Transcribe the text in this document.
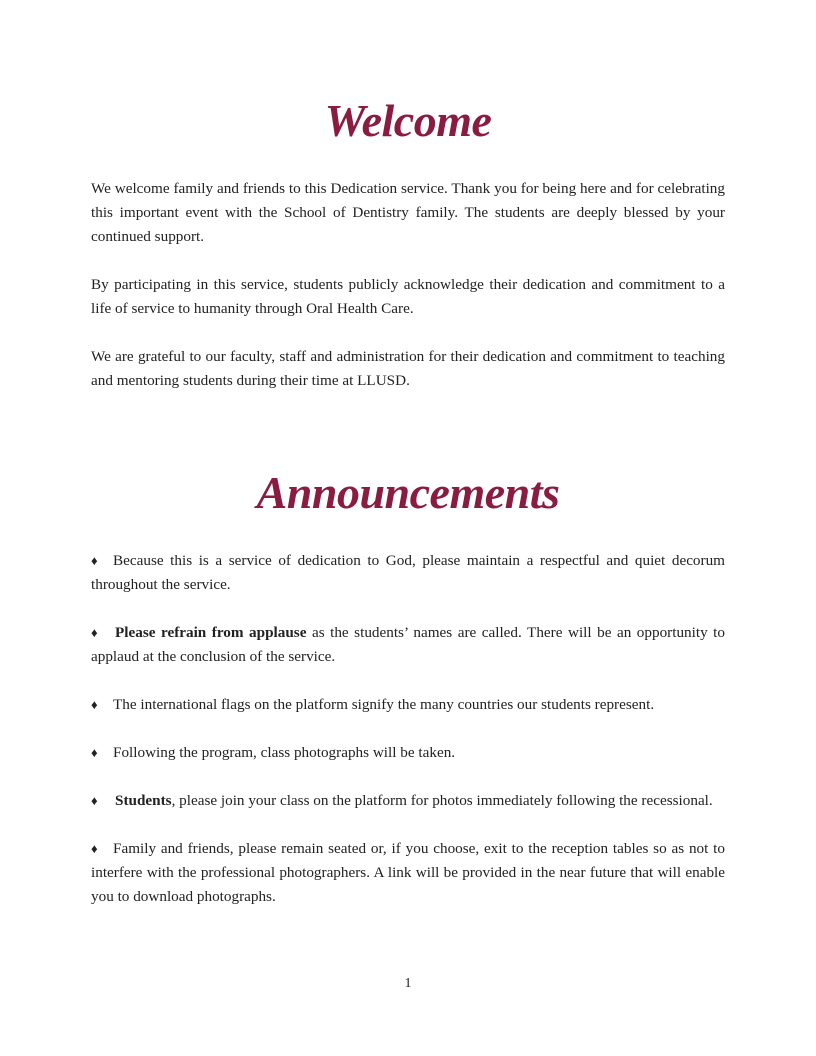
Welcome

We welcome family and friends to this Dedication service. Thank you for being here and for celebrating this important event with the School of Dentistry family. The students are deeply blessed by your continued support.

By participating in this service, students publicly acknowledge their dedication and commitment to a life of service to humanity through Oral Health Care.

We are grateful to our faculty, staff and administration for their dedication and commitment to teaching and mentoring students during their time at LLUSD.

Announcements

♦ Because this is a service of dedication to God, please maintain a respectful and quiet decorum throughout the service.

♦ Please refrain from applause as the students’ names are called. There will be an opportunity to applaud at the conclusion of the service.

♦ The international flags on the platform signify the many countries our students represent.

♦ Following the program, class photographs will be taken.

♦ Students, please join your class on the platform for photos immediately following the recessional.

♦ Family and friends, please remain seated or, if you choose, exit to the reception tables so as not to interfere with the professional photographers. A link will be provided in the near future that will enable you to download photographs.

1
